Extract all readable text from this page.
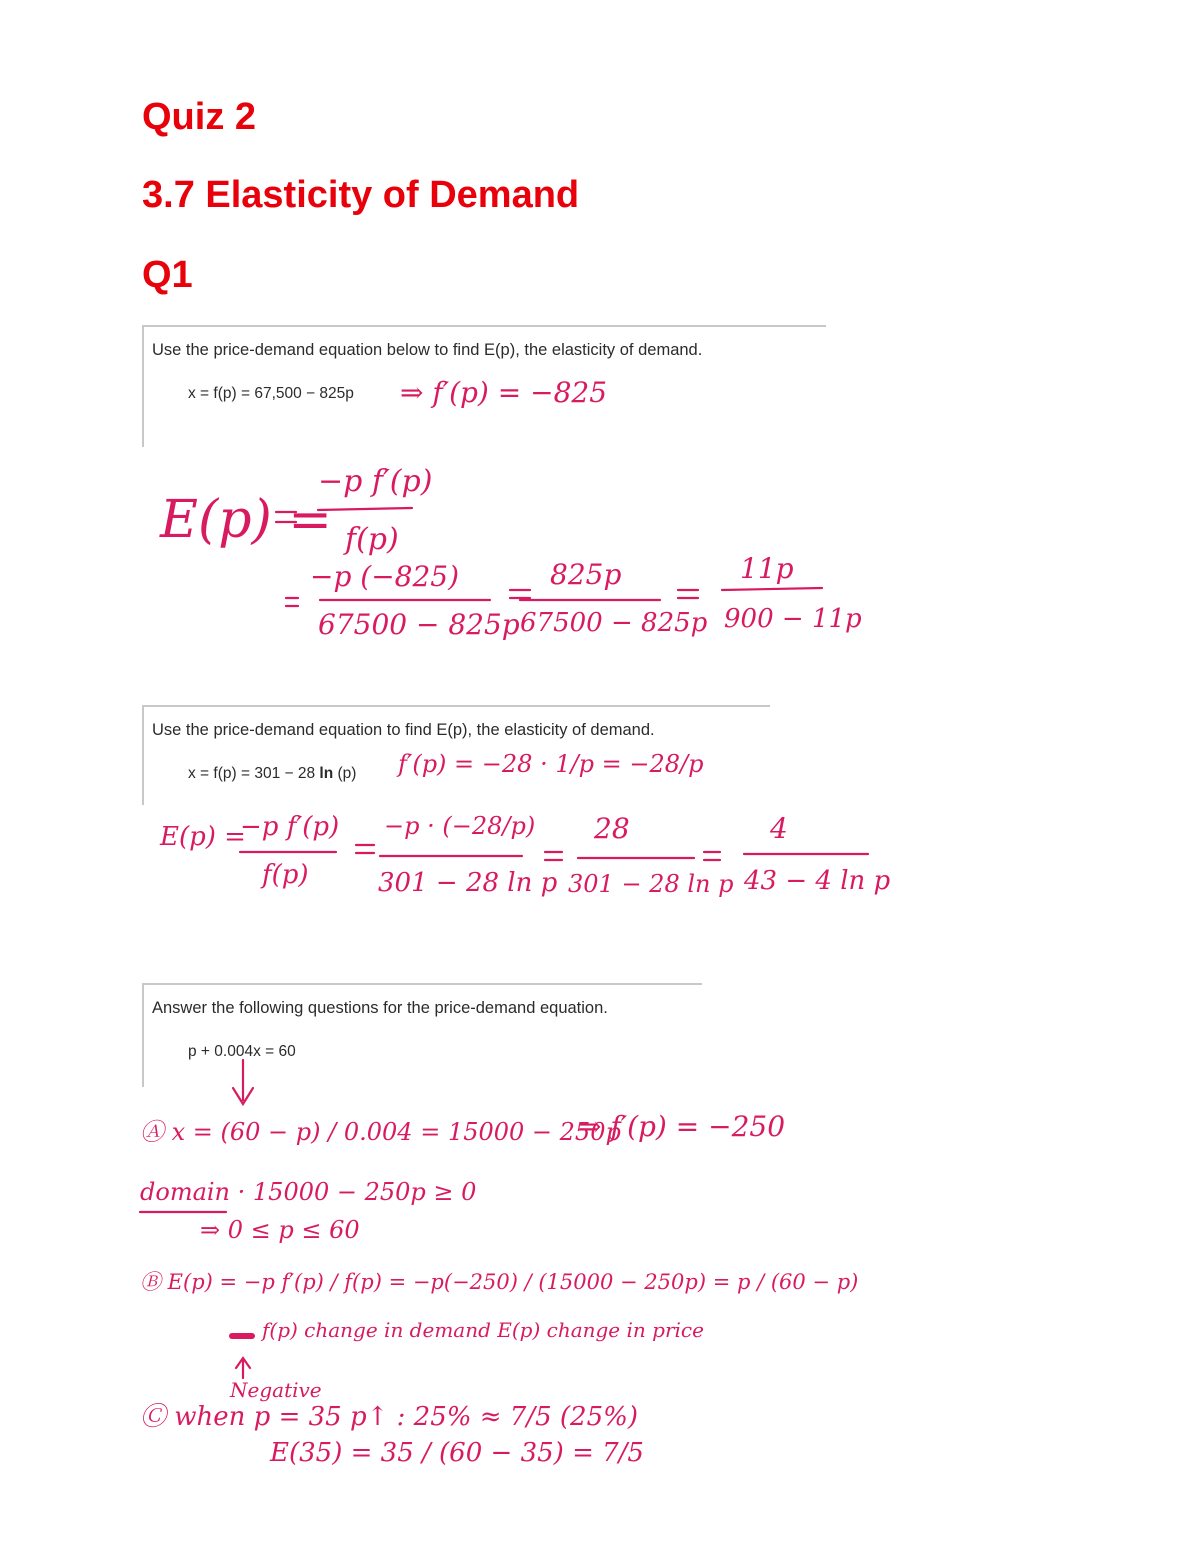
Quiz 2
3.7 Elasticity of Demand
Q1
Use the price-demand equation below to find E(p), the elasticity of demand.
x = f(p) = 67,500 − 825p ⇒ f′(p) = −825
E(p) =
−p f′(p)
f(p)
−p (−825)
67500 − 825p
825p
67500 − 825p
11p
900 − 11p
Use the price-demand equation to find E(p), the elasticity of demand.
x = f(p) = 301 − 28 ln (p) f′(p) = −28 · 1/p = −28/p
E(p) =
−p f′(p)
f(p)
−p · (−28/p)
301 − 28 ln p
28
301 − 28 ln p
4
43 − 4 ln p
Answer the following questions for the price-demand equation.
p + 0.004x = 60
Ⓐ x = (60 − p) / 0.004 = 15000 − 250p
⇒ f′(p) = −250
domain · 15000 − 250p ≥ 0
⇒ 0 ≤ p ≤ 60
Ⓑ E(p) = −p f′(p) / f(p) = −p(−250) / (15000 − 250p) = p / (60 − p)
f(p) change in demand E(p) change in price
Negative
Ⓒ when p = 35 p↑ : 25% ≈ 7/5 (25%)
E(35) = 35 / (60 − 35) = 7/5
